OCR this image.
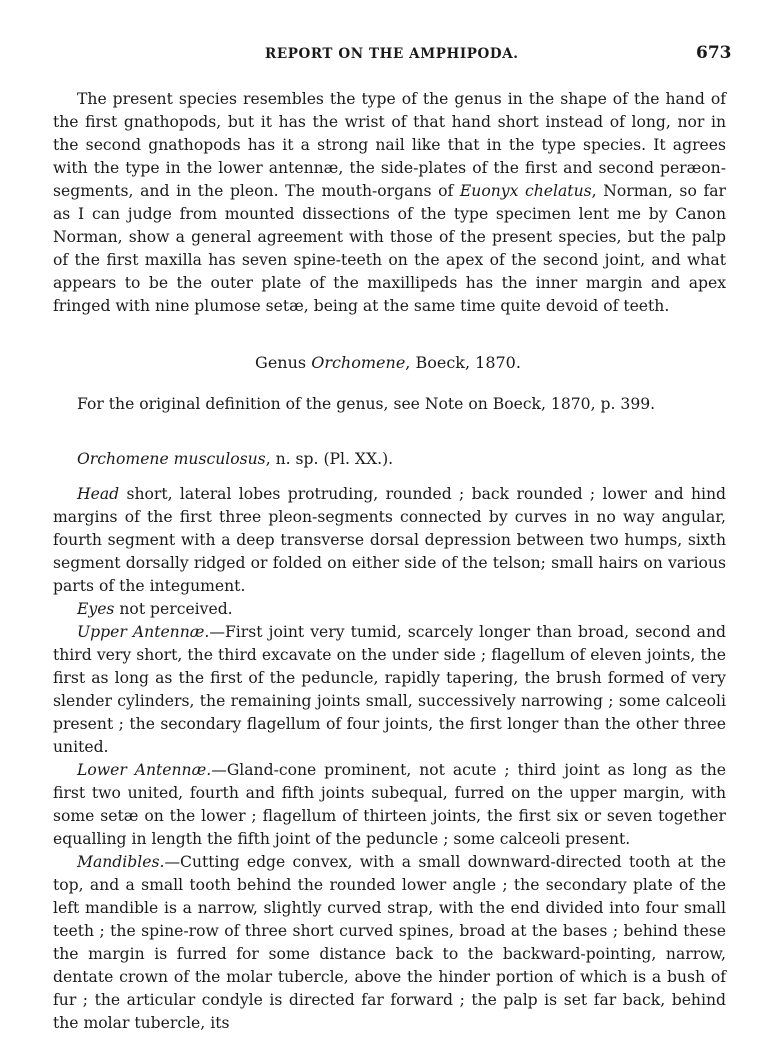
REPORT ON THE AMPHIPODA.	673

The present species resembles the type of the genus in the shape of the hand of the first gnathopods, but it has the wrist of that hand short instead of long, nor in the second gnathopods has it a strong nail like that in the type species. It agrees with the type in the lower antennæ, the side-plates of the first and second peræon-segments, and in the pleon. The mouth-organs of Euonyx chelatus, Norman, so far as I can judge from mounted dissections of the type specimen lent me by Canon Norman, show a general agreement with those of the present species, but the palp of the first maxilla has seven spine-teeth on the apex of the second joint, and what appears to be the outer plate of the maxillipeds has the inner margin and apex fringed with nine plumose setæ, being at the same time quite devoid of teeth.

Genus Orchomene, Boeck, 1870.
For the original definition of the genus, see Note on Boeck, 1870, p. 399.
Orchomene musculosus, n. sp. (Pl. XX.).

Head short, lateral lobes protruding, rounded ; back rounded ; lower and hind margins of the first three pleon-segments connected by curves in no way angular, fourth segment with a deep transverse dorsal depression between two humps, sixth segment dorsally ridged or folded on either side of the telson; small hairs on various parts of the integument.

Eyes not perceived.

Upper Antennæ.—First joint very tumid, scarcely longer than broad, second and third very short, the third excavate on the under side ; flagellum of eleven joints, the first as long as the first of the peduncle, rapidly tapering, the brush formed of very slender cylinders, the remaining joints small, successively narrowing ; some calceoli present ; the secondary flagellum of four joints, the first longer than the other three united.

Lower Antennæ.—Gland-cone prominent, not acute ; third joint as long as the first two united, fourth and fifth joints subequal, furred on the upper margin, with some setæ on the lower ; flagellum of thirteen joints, the first six or seven together equalling in length the fifth joint of the peduncle ; some calceoli present.

Mandibles.—Cutting edge convex, with a small downward-directed tooth at the top, and a small tooth behind the rounded lower angle ; the secondary plate of the left mandible is a narrow, slightly curved strap, with the end divided into four small teeth ; the spine-row of three short curved spines, broad at the bases ; behind these the margin is furred for some distance back to the backward-pointing, narrow, dentate crown of the molar tubercle, above the hinder portion of which is a bush of fur ; the articular condyle is directed far forward ; the palp is set far back, behind the molar tubercle, its
